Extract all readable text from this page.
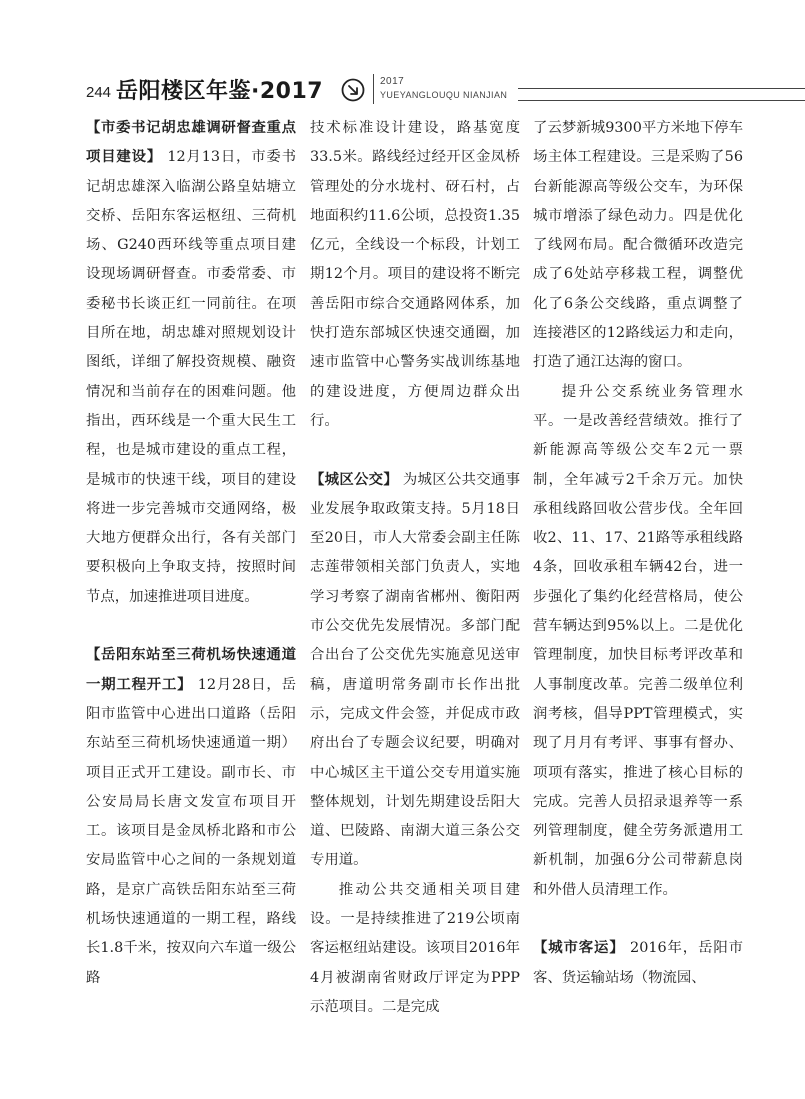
244 岳阳楼区年鉴·2017	2017
YUEYANGLOUQU NIANJIAN

【市委书记胡忠雄调研督查重点项目建设】 12月13日，市委书记胡忠雄深入临湖公路皇姑塘立交桥、岳阳东客运枢纽、三荷机场、G240西环线等重点项目建设现场调研督查。市委常委、市委秘书长谈正红一同前往。在项目所在地，胡忠雄对照规划设计图纸，详细了解投资规模、融资情况和当前存在的困难问题。他指出，西环线是一个重大民生工程，也是城市建设的重点工程，是城市的快速干线，项目的建设将进一步完善城市交通网络，极大地方便群众出行，各有关部门要积极向上争取支持，按照时间节点，加速推进项目进度。

【岳阳东站至三荷机场快速通道一期工程开工】 12月28日，岳阳市监管中心进出口道路（岳阳东站至三荷机场快速通道一期）项目正式开工建设。副市长、市公安局局长唐文发宣布项目开工。该项目是金凤桥北路和市公安局监管中心之间的一条规划道路，是京广高铁岳阳东站至三荷机场快速通道的一期工程，路线长1.8千米，按双向六车道一级公路

技术标准设计建设，路基宽度33.5米。路线经过经开区金凤桥管理处的分水垅村、砑石村，占地面积约11.6公顷，总投资1.35亿元，全线设一个标段，计划工期12个月。项目的建设将不断完善岳阳市综合交通路网体系，加快打造东部城区快速交通圈，加速市监管中心警务实战训练基地的建设进度，方便周边群众出行。

【城区公交】 为城区公共交通事业发展争取政策支持。5月18日至20日，市人大常委会副主任陈志莲带领相关部门负责人，实地学习考察了湖南省郴州、衡阳两市公交优先发展情况。多部门配合出台了公交优先实施意见送审稿，唐道明常务副市长作出批示，完成文件会签，并促成市政府出台了专题会议纪要，明确对中心城区主干道公交专用道实施整体规划，计划先期建设岳阳大道、巴陵路、南湖大道三条公交专用道。

推动公共交通相关项目建设。一是持续推进了219公顷南客运枢纽站建设。该项目2016年4月被湖南省财政厅评定为PPP示范项目。二是完成

了云梦新城9300平方米地下停车场主体工程建设。三是采购了56台新能源高等级公交车，为环保城市增添了绿色动力。四是优化了线网布局。配合微循环改造完成了6处站亭移栽工程，调整优化了6条公交线路，重点调整了连接港区的12路线运力和走向，打造了通江达海的窗口。

提升公交系统业务管理水平。一是改善经营绩效。推行了新能源高等级公交车2元一票制，全年减亏2千余万元。加快承租线路回收公营步伐。全年回收2、11、17、21路等承租线路4条，回收承租车辆42台，进一步强化了集约化经营格局，使公营车辆达到95%以上。二是优化管理制度，加快目标考评改革和人事制度改革。完善二级单位利润考核，倡导PPT管理模式，实现了月月有考评、事事有督办、项项有落实，推进了核心目标的完成。完善人员招录退养等一系列管理制度，健全劳务派遣用工新机制，加强6分公司带薪息岗和外借人员清理工作。

【城市客运】 2016年，岳阳市客、货运输站场（物流园、
